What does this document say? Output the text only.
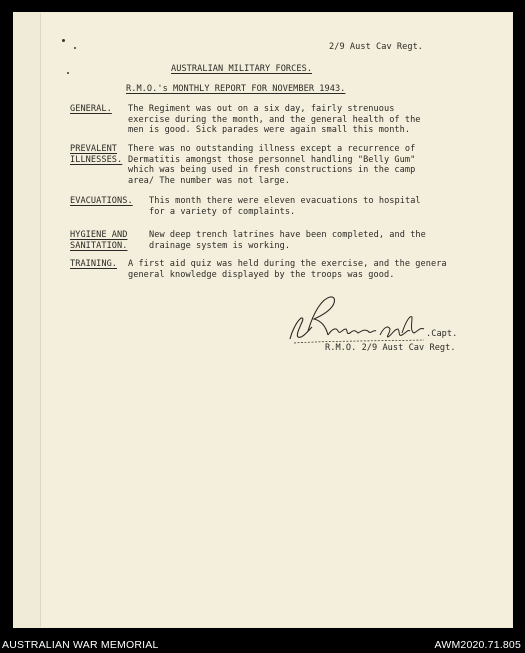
2/9 Aust Cav Regt.
AUSTRALIAN MILITARY FORCES.
R.M.O.'s MONTHLY REPORT FOR NOVEMBER 1943.
GENERAL. The Regiment was out on a six day, fairly strenuous
exercise during the month, and the general health of the
men is good. Sick parades were again small this month.
PREVALENT
ILLNESSES.
There was no outstanding illness except a recurrence of
Dermatitis amongst those personnel handling "Belly Gum"
which was being used in fresh constructions in the camp
area/ The number was not large.
EVACUATIONS. This month there were eleven evacuations to hospital
for a variety of complaints.
HYGIENE AND
SANITATION.
New deep trench latrines have been completed, and the
drainage system is working.
TRAINING. A first aid quiz was held during the exercise, and the genera
general knowledge displayed by the troops was good.
.Capt.
R.M.O. 2/9 Aust Cav Regt.
AUSTRALIAN WAR MEMORIAL	AWM2020.71.805
